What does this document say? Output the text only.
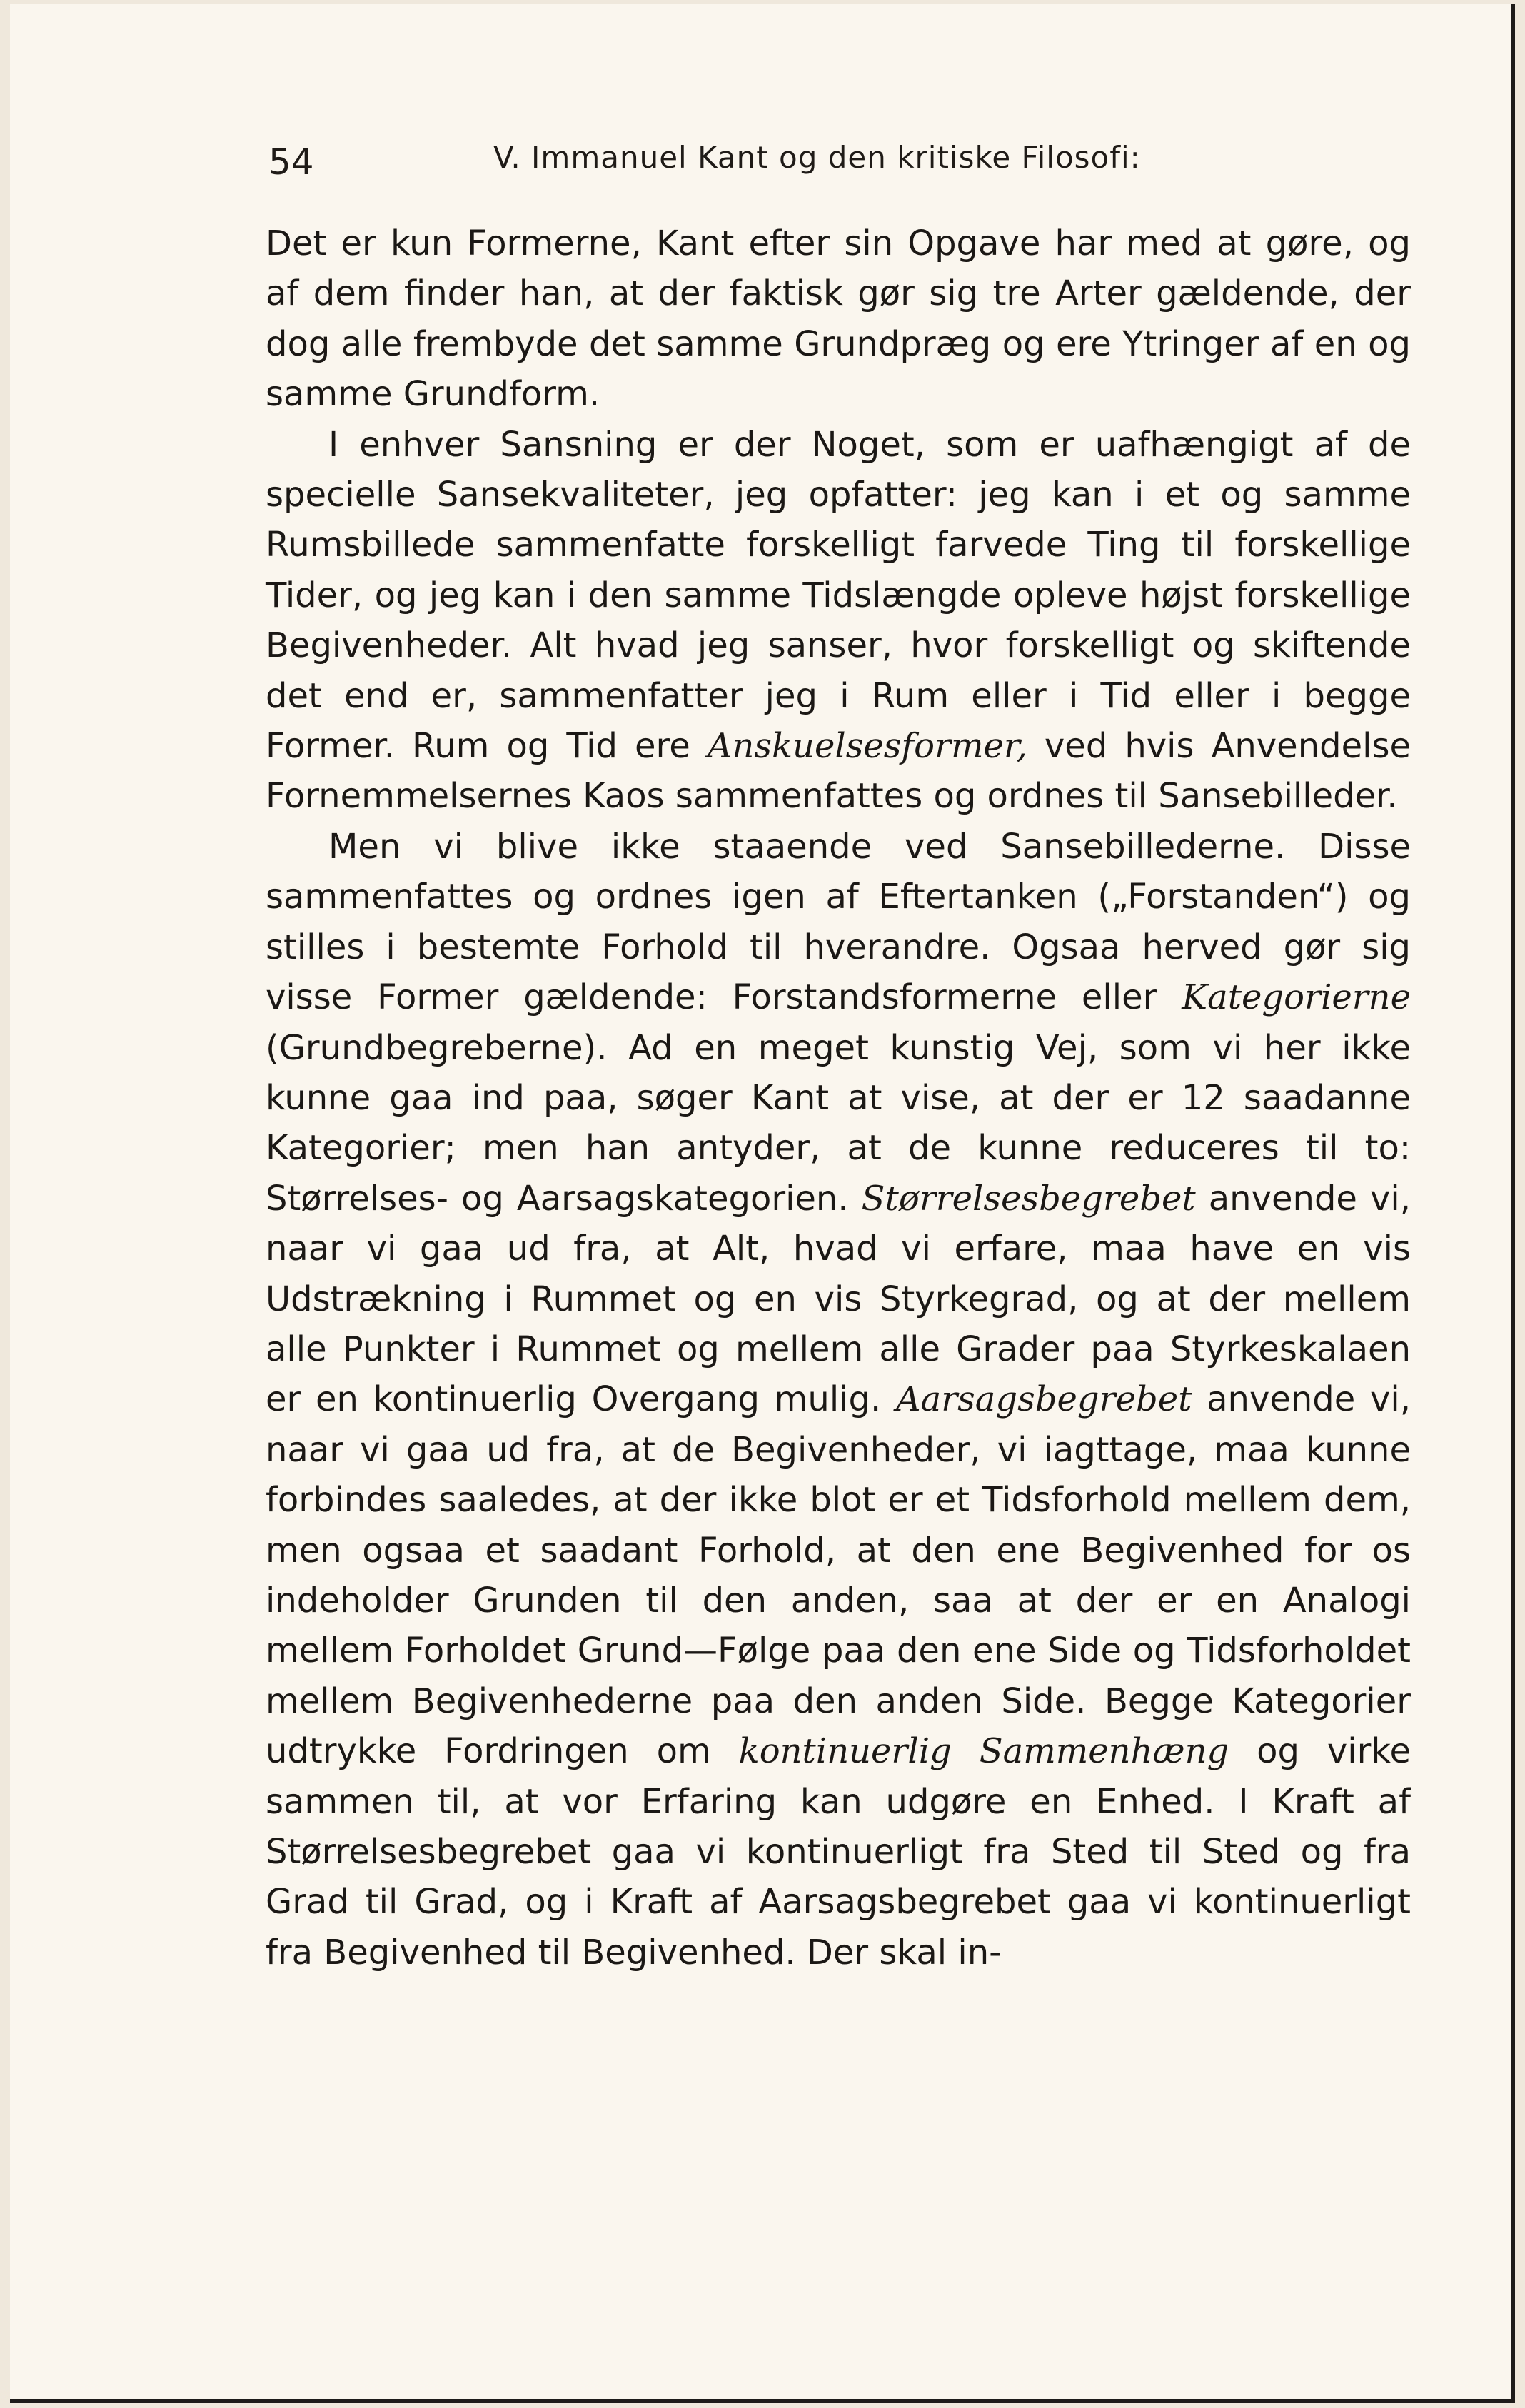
54	V. Immanuel Kant og den kritiske Filosofi:

Det er kun Formerne, Kant efter sin Opgave har med at gøre, og af dem finder han, at der faktisk gør sig tre Arter gældende, der dog alle frembyde det samme Grundpræg og ere Ytringer af en og samme Grundform.

I enhver Sansning er der Noget, som er uafhængigt af de specielle Sansekvaliteter, jeg opfatter: jeg kan i et og samme Rumsbillede sammenfatte forskelligt farvede Ting til forskellige Tider, og jeg kan i den samme Tidslængde opleve højst forskellige Begivenheder. Alt hvad jeg sanser, hvor forskelligt og skiftende det end er, sammenfatter jeg i Rum eller i Tid eller i begge Former. Rum og Tid ere Anskuelsesformer, ved hvis Anvendelse Fornemmelsernes Kaos sammenfattes og ordnes til Sansebilleder.

Men vi blive ikke staaende ved Sansebillederne. Disse sammenfattes og ordnes igen af Eftertanken („Forstanden“) og stilles i bestemte Forhold til hverandre. Ogsaa herved gør sig visse Former gældende: Forstandsformerne eller Kategorierne (Grundbegreberne). Ad en meget kunstig Vej, som vi her ikke kunne gaa ind paa, søger Kant at vise, at der er 12 saadanne Kategorier; men han antyder, at de kunne reduceres til to: Størrelses- og Aarsagskategorien. Størrelsesbegrebet anvende vi, naar vi gaa ud fra, at Alt, hvad vi erfare, maa have en vis Udstrækning i Rummet og en vis Styrkegrad, og at der mellem alle Punkter i Rummet og mellem alle Grader paa Styrkeskalaen er en kontinuerlig Overgang mulig. Aarsagsbegrebet anvende vi, naar vi gaa ud fra, at de Begivenheder, vi iagttage, maa kunne forbindes saaledes, at der ikke blot er et Tidsforhold mellem dem, men ogsaa et saadant Forhold, at den ene Begivenhed for os indeholder Grunden til den anden, saa at der er en Analogi mellem Forholdet Grund—Følge paa den ene Side og Tidsforholdet mellem Begivenhederne paa den anden Side. Begge Kategorier udtrykke Fordringen om kontinuerlig Sammenhæng og virke sammen til, at vor Erfaring kan udgøre en Enhed. I Kraft af Størrelsesbegrebet gaa vi kontinuerligt fra Sted til Sted og fra Grad til Grad, og i Kraft af Aarsagsbegrebet gaa vi kontinuerligt fra Begivenhed til Begivenhed. Der skal in-
